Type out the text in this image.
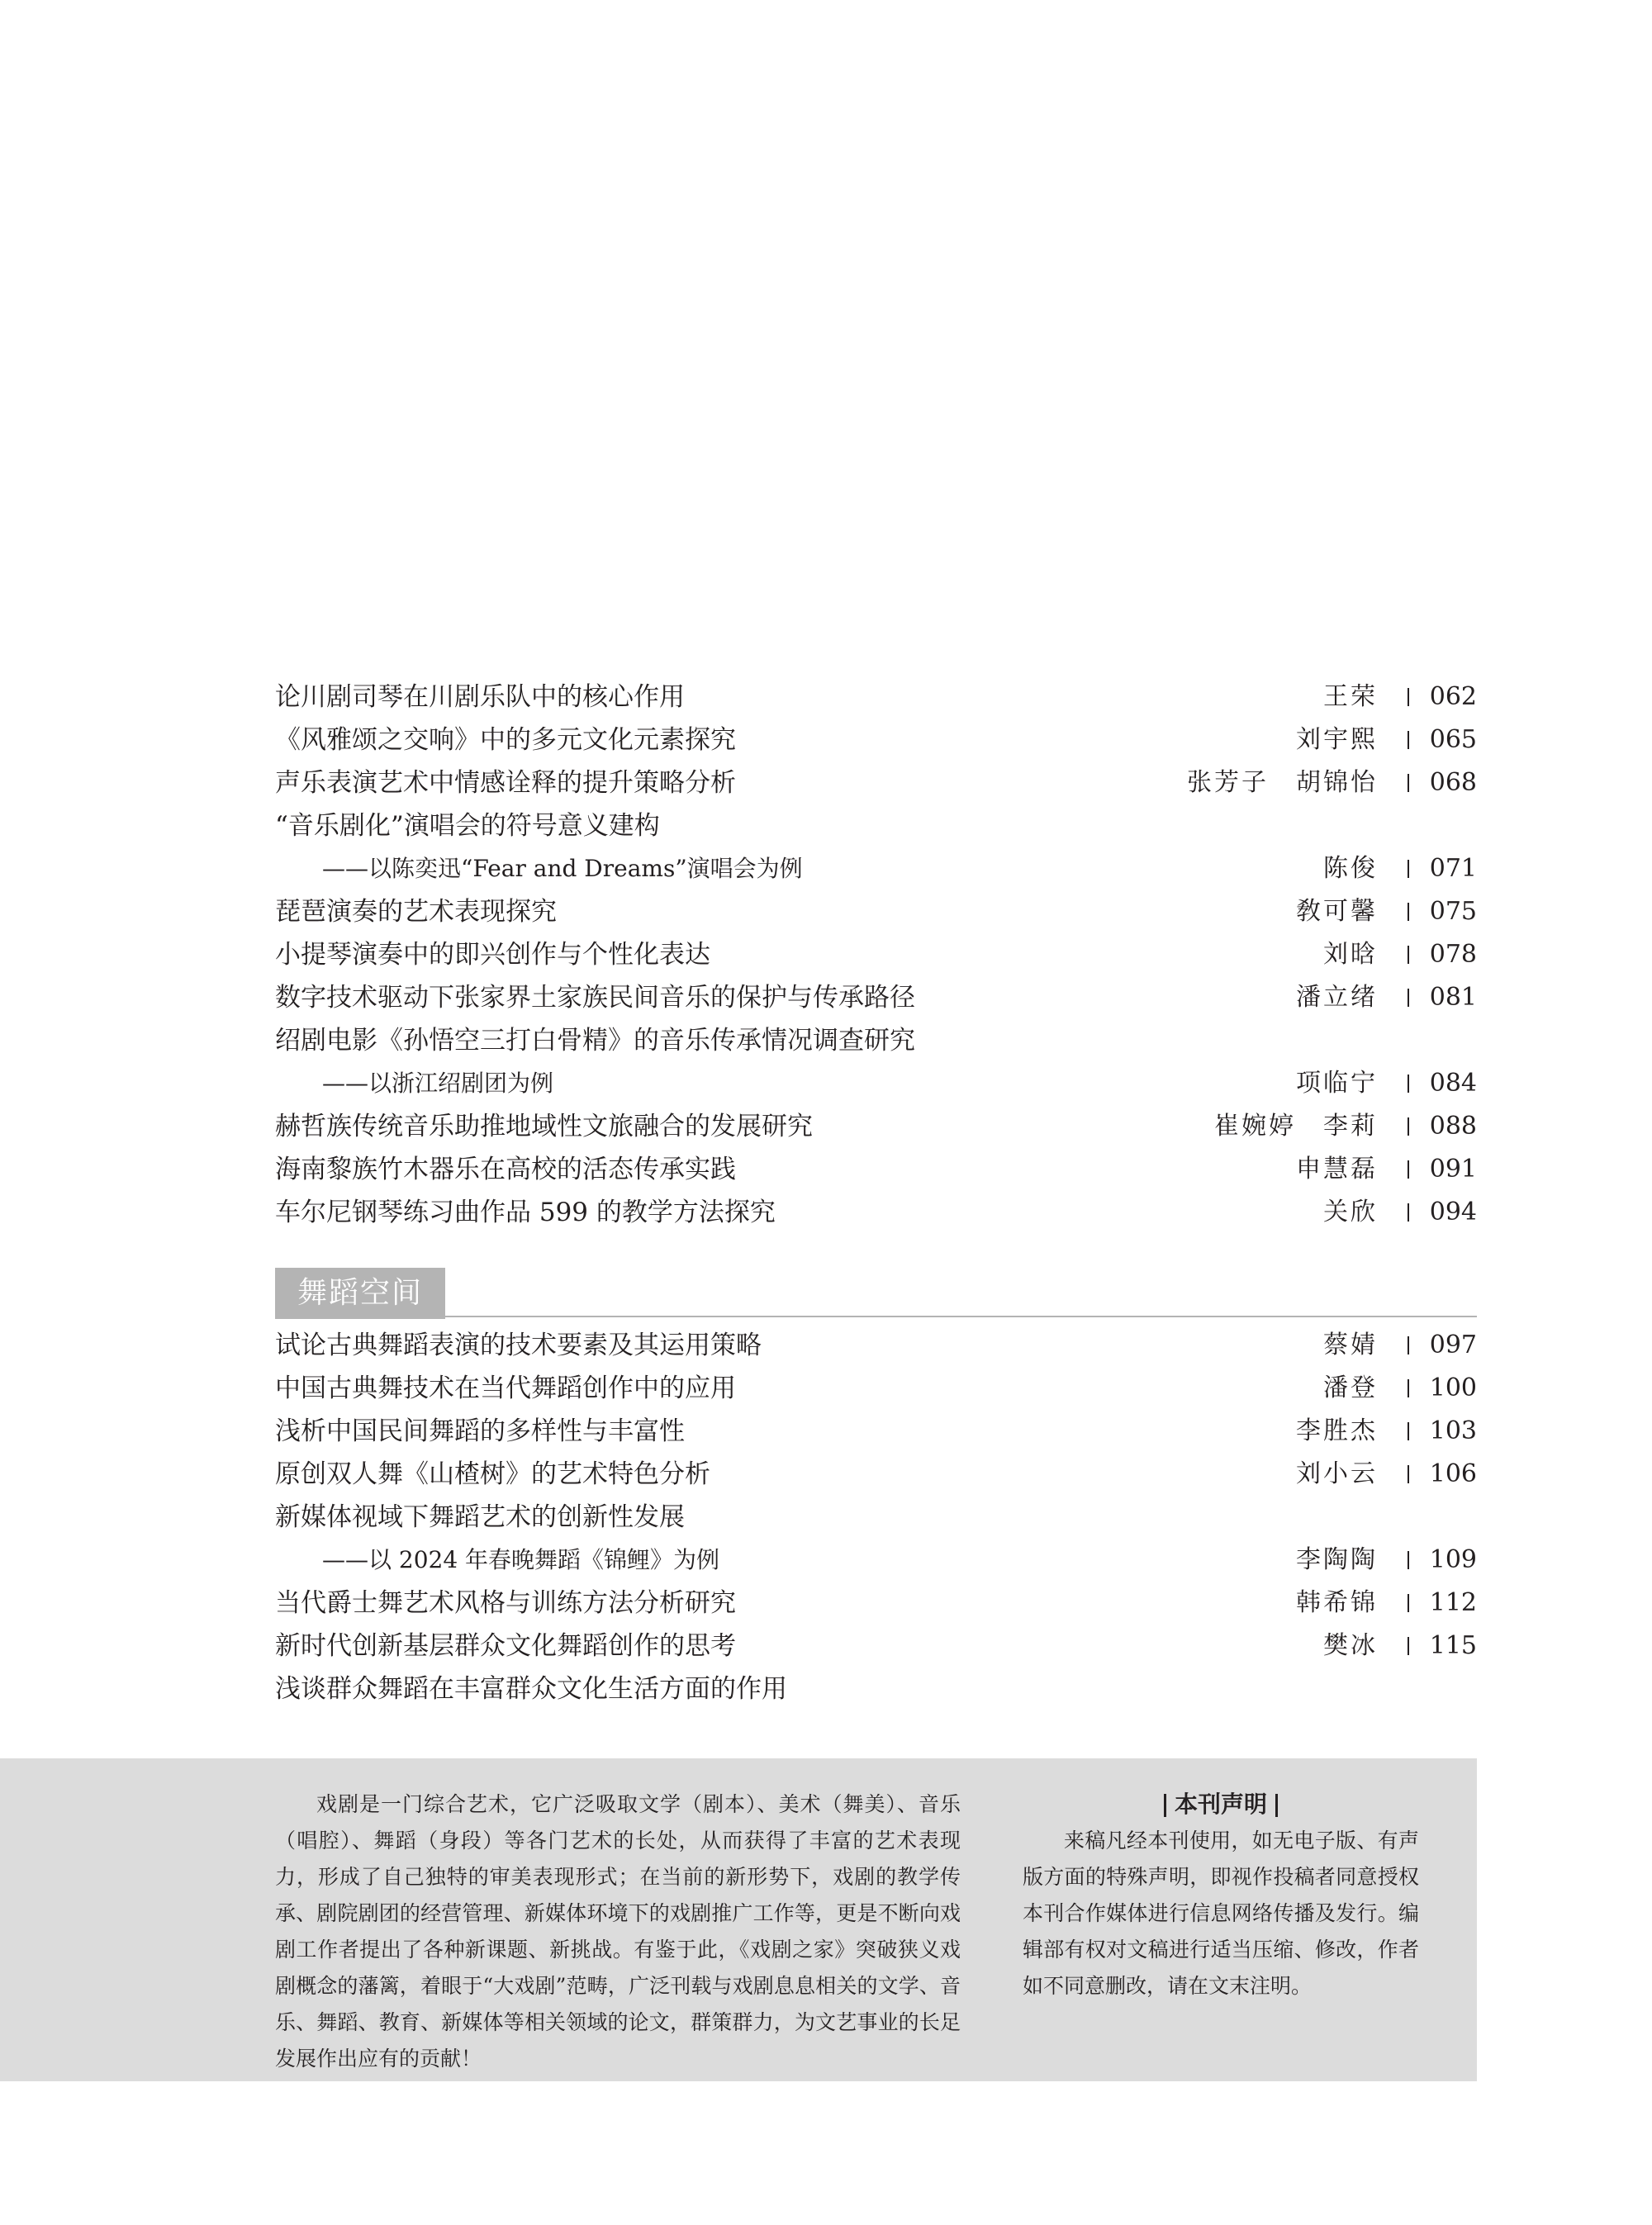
论川剧司琴在川剧乐队中的核心作用	王荣 062
《风雅颂之交响》中的多元文化元素探究	刘宇熙 065
声乐表演艺术中情感诠释的提升策略分析	张芳子　胡锦怡 068
“音乐剧化”演唱会的符号意义建构
——以陈奕迅“Fear and Dreams”演唱会为例	陈俊 071
琵琶演奏的艺术表现探究	敎可馨 075
小提琴演奏中的即兴创作与个性化表达	刘晗 078
数字技术驱动下张家界土家族民间音乐的保护与传承路径	潘立绪 081
绍剧电影《孙悟空三打白骨精》的音乐传承情况调查研究
——以浙江绍剧团为例	项临宁 084
赫哲族传统音乐助推地域性文旅融合的发展研究	崔婉婷　李莉 088
海南黎族竹木器乐在高校的活态传承实践	申慧磊 091
车尔尼钢琴练习曲作品 599 的教学方法探究	关欣 094
舞蹈空间
试论古典舞蹈表演的技术要素及其运用策略	蔡婧 097
中国古典舞技术在当代舞蹈创作中的应用	潘登 100
浅析中国民间舞蹈的多样性与丰富性	李胜杰 103
原创双人舞《山楂树》的艺术特色分析	刘小云 106
新媒体视域下舞蹈艺术的创新性发展
——以 2024 年春晚舞蹈《锦鲤》为例	李陶陶 109
当代爵士舞艺术风格与训练方法分析研究	韩希锦 112
新时代创新基层群众文化舞蹈创作的思考	樊冰 115
浅谈群众舞蹈在丰富群众文化生活方面的作用

戏剧是一门综合艺术，它广泛吸取文学（剧本）、美术（舞美）、音乐（唱腔）、舞蹈（身段）等各门艺术的长处，从而获得了丰富的艺术表现力，形成了自己独特的审美表现形式；在当前的新形势下，戏剧的教学传承、剧院剧团的经营管理、新媒体环境下的戏剧推广工作等，更是不断向戏剧工作者提出了各种新课题、新挑战。有鉴于此，《戏剧之家》突破狭义戏剧概念的藩篱，着眼于“大戏剧”范畴，广泛刊载与戏剧息息相关的文学、音乐、舞蹈、教育、新媒体等相关领域的论文，群策群力，为文艺事业的长足发展作出应有的贡献！

本刊声明

来稿凡经本刊使用，如无电子版、有声版方面的特殊声明，即视作投稿者同意授权本刊合作媒体进行信息网络传播及发行。编辑部有权对文稿进行适当压缩、修改，作者如不同意删改，请在文末注明。
